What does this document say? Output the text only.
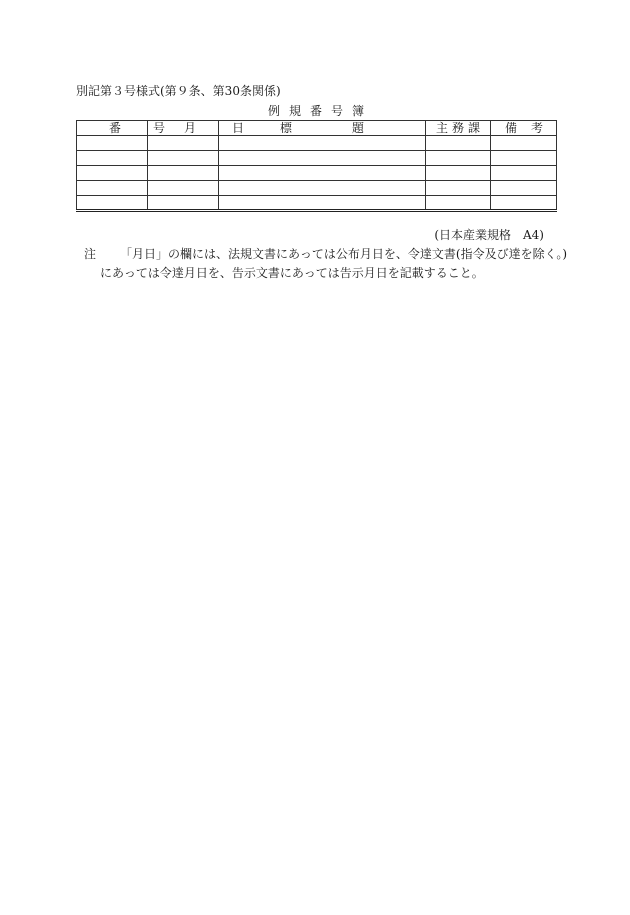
別記第３号様式(第９条、第30条関係)
例規番号簿
番号	月日	標題	主務課	備考

(日本産業規格　A4)
注 「月日」の欄には、法規文書にあっては公布月日を、令達文書(指令及び達を除く。)
にあっては令達月日を、告示文書にあっては告示月日を記載すること。
